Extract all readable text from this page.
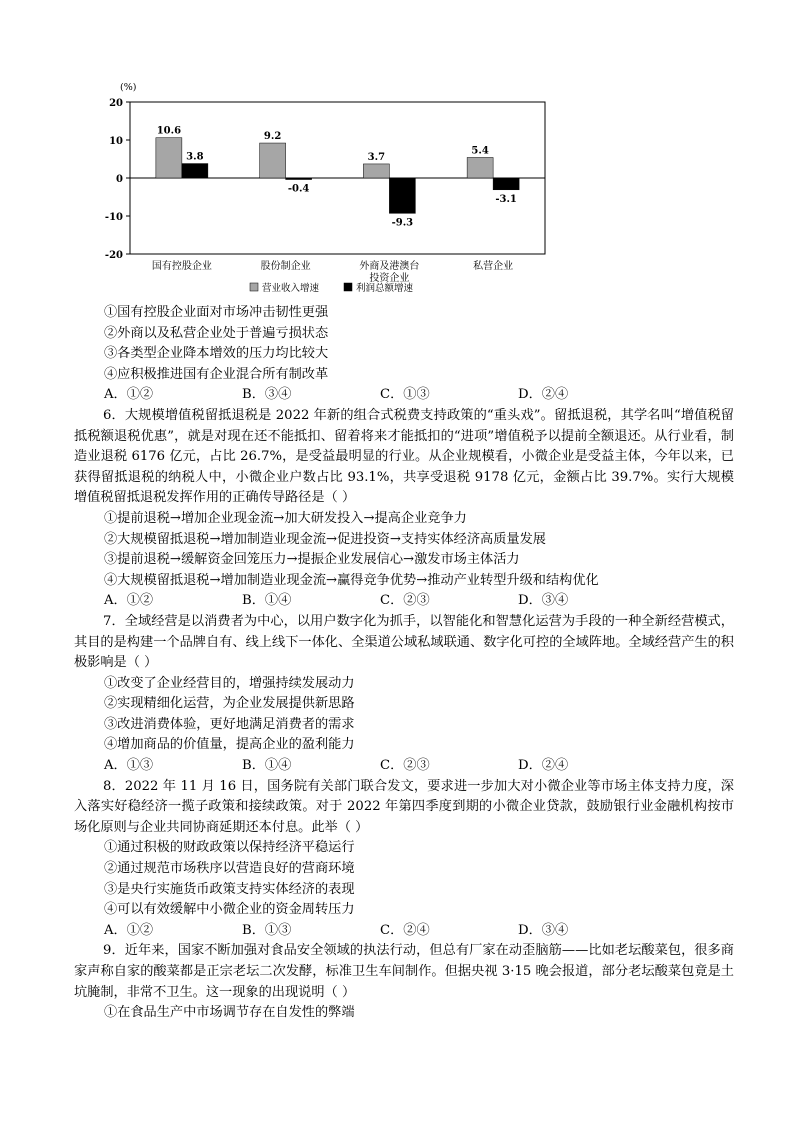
20
10
0
-10
-20
(%)
10.6
3.8
国有控股企业
9.2
-0.4
股份制企业
3.7
-9.3
外商及港澳台
投资企业
5.4
-3.1
私营企业
营业收入增速	利润总额增速

①国有控股企业面对市场冲击韧性更强

②外商以及私营企业处于普遍亏损状态

③各类型企业降本增效的压力均比较大

④应积极推进国有企业混合所有制改革

A．①②	B．③④	C．①③	D．②④

6．大规模增值税留抵退税是 2022 年新的组合式税费支持政策的“重头戏”。留抵退税，其学名叫“增值税留抵税额退税优惠”，就是对现在还不能抵扣、留着将来才能抵扣的“进项”增值税予以提前全额退还。从行业看，制造业退税 6176 亿元，占比 26.7%，是受益最明显的行业。从企业规模看，小微企业是受益主体，今年以来，已获得留抵退税的纳税人中，小微企业户数占比 93.1%，共享受退税 9178 亿元，金额占比 39.7%。实行大规模增值税留抵退税发挥作用的正确传导路径是（ ）

①提前退税→增加企业现金流→加大研发投入→提高企业竞争力

②大规模留抵退税→增加制造业现金流→促进投资→支持实体经济高质量发展

③提前退税→缓解资金回笼压力→提振企业发展信心→激发市场主体活力

④大规模留抵退税→增加制造业现金流→赢得竞争优势→推动产业转型升级和结构优化

A．①②	B．①④	C．②③	D．③④

7．全域经营是以消费者为中心，以用户数字化为抓手，以智能化和智慧化运营为手段的一种全新经营模式，其目的是构建一个品牌自有、线上线下一体化、全渠道公域私域联通、数字化可控的全域阵地。全域经营产生的积极影响是（ ）

①改变了企业经营目的，增强持续发展动力

②实现精细化运营，为企业发展提供新思路

③改进消费体验，更好地满足消费者的需求

④增加商品的价值量，提高企业的盈利能力

A．①③	B．①④	C．②③	D．②④

8．2022 年 11 月 16 日，国务院有关部门联合发文，要求进一步加大对小微企业等市场主体支持力度，深入落实好稳经济一揽子政策和接续政策。对于 2022 年第四季度到期的小微企业贷款，鼓励银行业金融机构按市场化原则与企业共同协商延期还本付息。此举（ ）

①通过积极的财政政策以保持经济平稳运行

②通过规范市场秩序以营造良好的营商环境

③是央行实施货币政策支持实体经济的表现

④可以有效缓解中小微企业的资金周转压力

A．①②	B．①③	C．②④	D．③④

9．近年来，国家不断加强对食品安全领域的执法行动，但总有厂家在动歪脑筋——比如老坛酸菜包，很多商家声称自家的酸菜都是正宗老坛二次发酵，标准卫生车间制作。但据央视 3·15 晚会报道，部分老坛酸菜包竟是土坑腌制，非常不卫生。这一现象的出现说明（ ）

①在食品生产中市场调节存在自发性的弊端
